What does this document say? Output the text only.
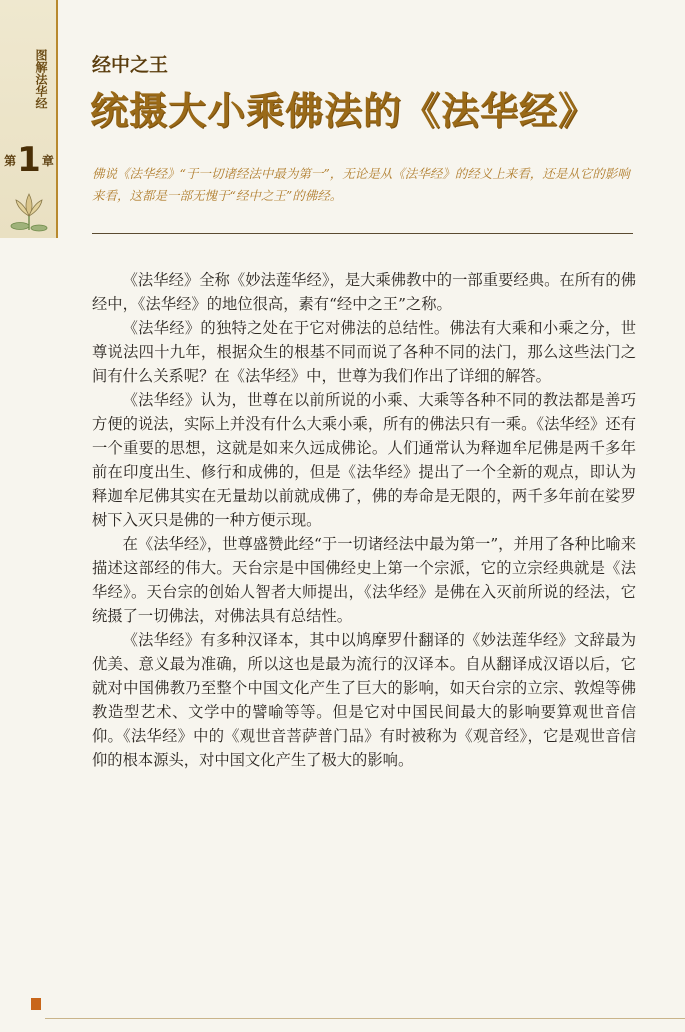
图解法华经
第 1 章
经中之王
统摄大小乘佛法的《法华经》
佛说《法华经》“于一切诸经法中最为第一”，无论是从《法华经》的经义上来看，还是从它的影响来看，这都是一部无愧于“经中之王”的佛经。

《法华经》全称《妙法莲华经》，是大乘佛教中的一部重要经典。在所有的佛经中，《法华经》的地位很高，素有“经中之王”之称。

《法华经》的独特之处在于它对佛法的总结性。佛法有大乘和小乘之分，世尊说法四十九年，根据众生的根基不同而说了各种不同的法门，那么这些法门之间有什么关系呢？在《法华经》中，世尊为我们作出了详细的解答。

《法华经》认为，世尊在以前所说的小乘、大乘等各种不同的教法都是善巧方便的说法，实际上并没有什么大乘小乘，所有的佛法只有一乘。《法华经》还有一个重要的思想，这就是如来久远成佛论。人们通常认为释迦牟尼佛是两千多年前在印度出生、修行和成佛的，但是《法华经》提出了一个全新的观点，即认为释迦牟尼佛其实在无量劫以前就成佛了，佛的寿命是无限的，两千多年前在娑罗树下入灭只是佛的一种方便示现。

在《法华经》，世尊盛赞此经“于一切诸经法中最为第一”，并用了各种比喻来描述这部经的伟大。天台宗是中国佛经史上第一个宗派，它的立宗经典就是《法华经》。天台宗的创始人智者大师提出，《法华经》是佛在入灭前所说的经法，它统摄了一切佛法，对佛法具有总结性。

《法华经》有多种汉译本，其中以鸠摩罗什翻译的《妙法莲华经》文辞最为优美、意义最为准确，所以这也是最为流行的汉译本。自从翻译成汉语以后，它就对中国佛教乃至整个中国文化产生了巨大的影响，如天台宗的立宗、敦煌等佛教造型艺术、文学中的譬喻等等。但是它对中国民间最大的影响要算观世音信仰。《法华经》中的《观世音菩萨普门品》有时被称为《观音经》，它是观世音信仰的根本源头，对中国文化产生了极大的影响。
